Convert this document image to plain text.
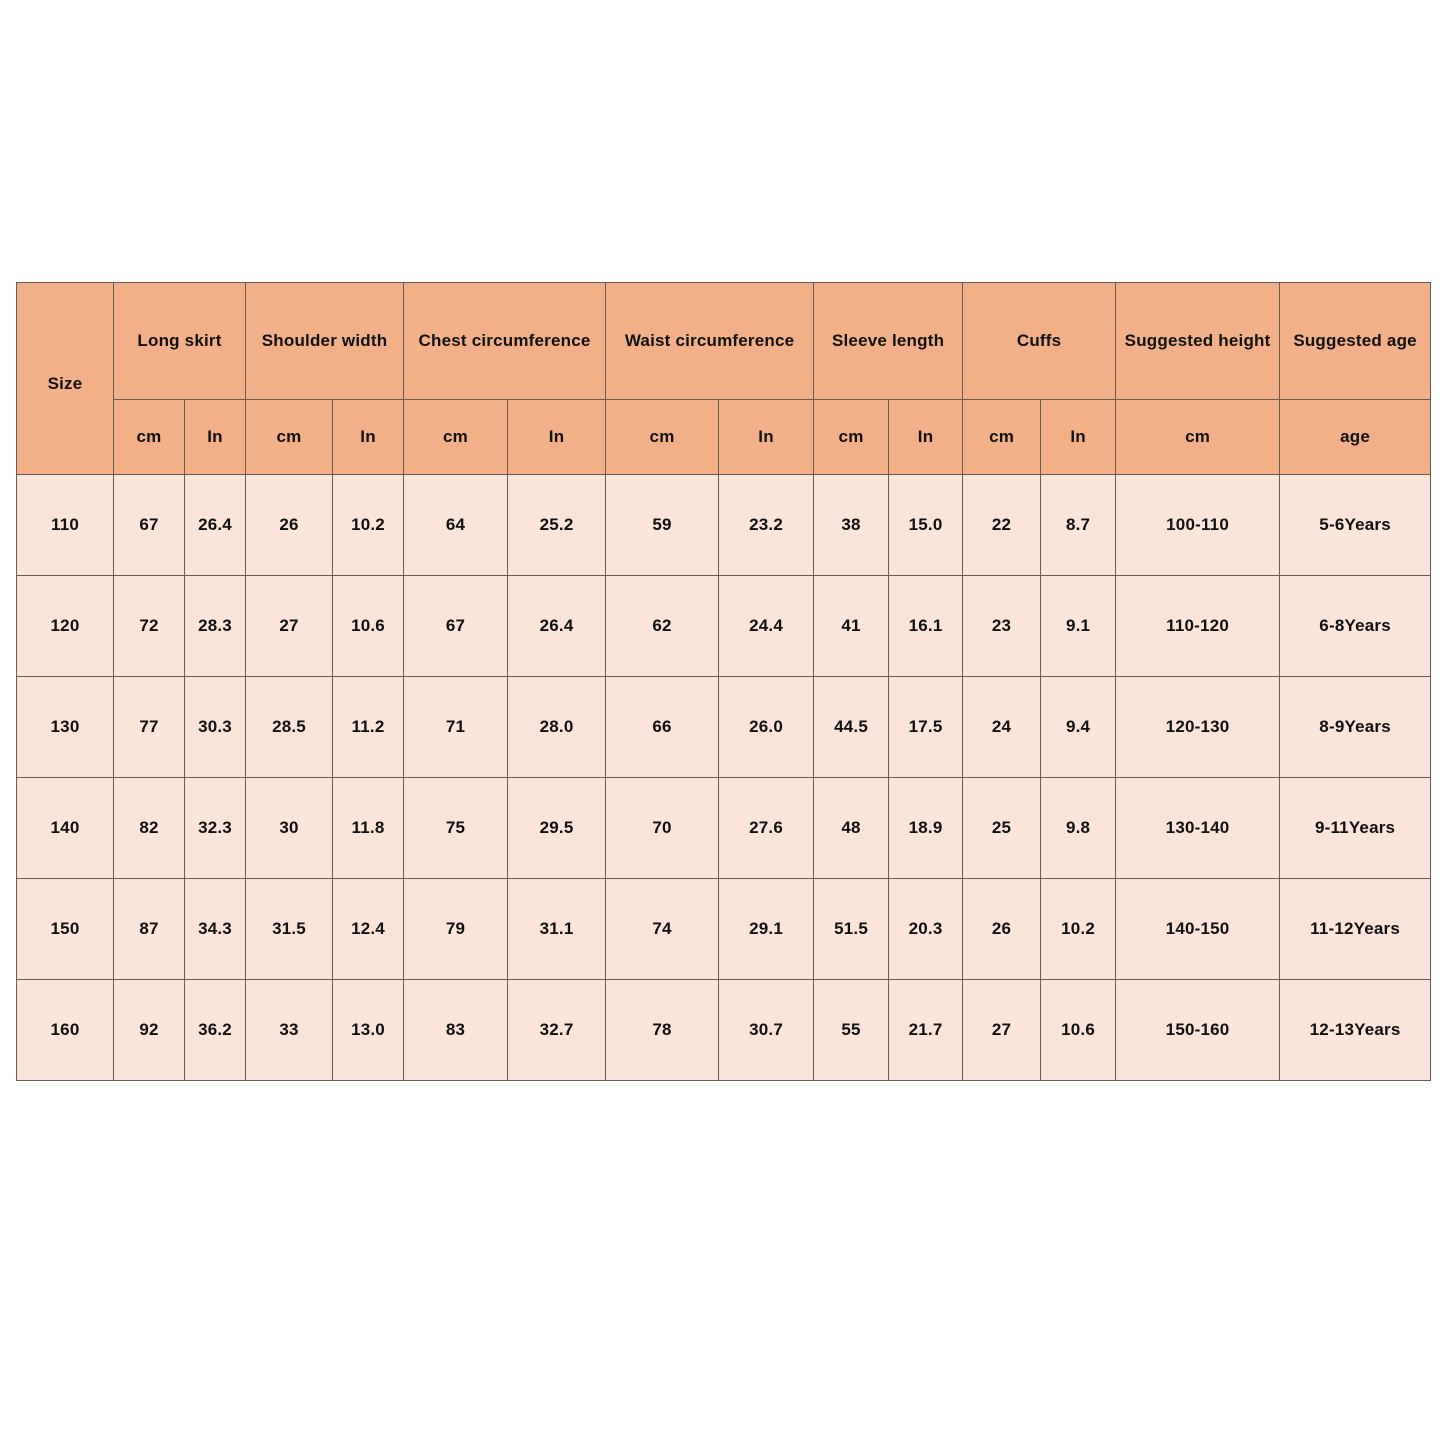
Size	Long skirt		Shoulder width		Chest circumference		Waist circumference		Sleeve length		Cuffs		Suggested height	Suggested age
	cm	In	cm	In	cm	In	cm	In	cm	In	cm	In	cm	age
110	67	26.4	26	10.2	64	25.2	59	23.2	38	15.0	22	8.7	100-110	5-6Years
120	72	28.3	27	10.6	67	26.4	62	24.4	41	16.1	23	9.1	110-120	6-8Years
130	77	30.3	28.5	11.2	71	28.0	66	26.0	44.5	17.5	24	9.4	120-130	8-9Years
140	82	32.3	30	11.8	75	29.5	70	27.6	48	18.9	25	9.8	130-140	9-11Years
150	87	34.3	31.5	12.4	79	31.1	74	29.1	51.5	20.3	26	10.2	140-150	11-12Years
160	92	36.2	33	13.0	83	32.7	78	30.7	55	21.7	27	10.6	150-160	12-13Years
